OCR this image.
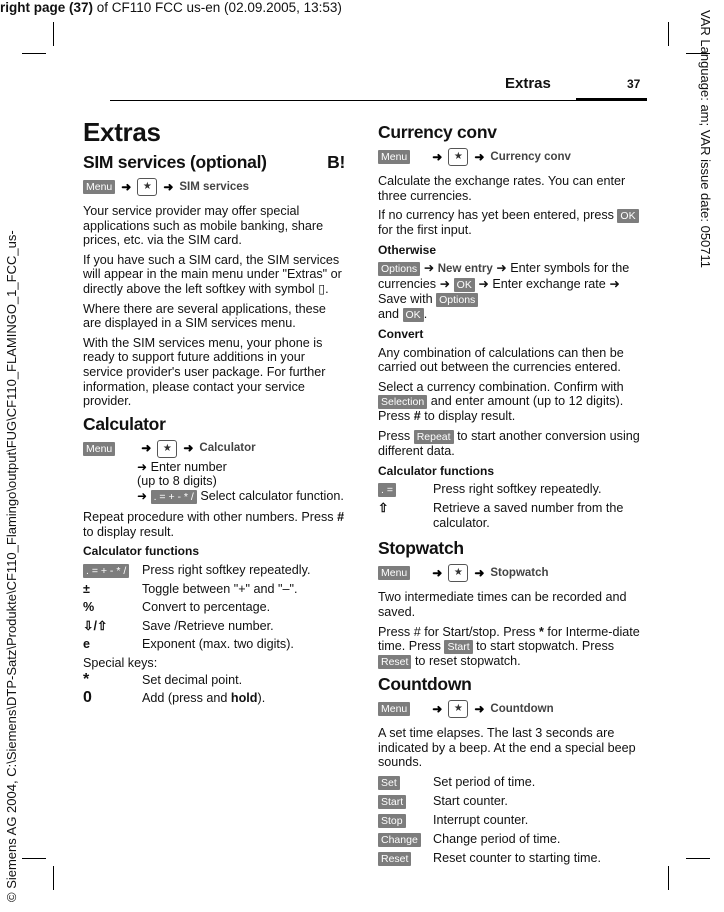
right page (37) of CF110 FCC us-en (02.09.2005, 13:53)
VAR Language: am; VAR issue date: 050711
© Siemens AG 2004, C:\Siemens\DTP-Satz\Produkte\CF110_Flamingo\output\FUG\CF110_FLAMINGO_1_FCC_us-
Extras	37
Extras
SIM services (optional)	B!
Menu ➜	★ ➜ SIM services

Your service provider may offer special applications such as mobile banking, share prices, etc. via the SIM card.

If you have such a SIM card, the SIM services will appear in the main menu under "Extras" or directly above the left softkey with symbol ▯.

Where there are several applications, these are displayed in a SIM services menu.

With the SIM services menu, your phone is ready to support future additions in your service provider's user package. For further information, please contact your service provider.

Calculator
Menu ➜	★ ➜ Calculator
➜ Enter number
(up to 8 digits)
➜ . = + - * / Select calculator function.

Repeat procedure with other numbers. Press # to display result.

Calculator functions
. = + - * /	Press right softkey repeatedly.
±	Toggle between "+" and "–".
%	Convert to percentage.
⇩/⇧	Save /Retrieve number.
e	Exponent (max. two digits).

Special keys:

*	Set decimal point.
0	Add (press and hold).
Currency conv
Menu ➜	★ ➜ Currency conv

Calculate the exchange rates. You can enter three currencies.

If no currency has yet been entered, press OK for the first input.

Otherwise

Options ➜ New entry ➜ Enter symbols for the currencies ➜ OK ➜ Enter exchange rate ➜ Save with Options
and OK .

Convert

Any combination of calculations can then be carried out between the currencies entered.

Select a currency combination. Confirm with Selection and enter amount (up to 12 digits). Press # to display result.

Press Repeat to start another conversion using different data.

Calculator functions
. =	Press right softkey repeatedly.
⇧	Retrieve a saved number from the calculator.
Stopwatch
Menu ➜	★ ➜ Stopwatch

Two intermediate times can be recorded and saved.

Press # for Start/stop. Press * for Interme-diate time. Press Start to start stopwatch. Press Reset to reset stopwatch.

Countdown
Menu ➜	★ ➜ Countdown

A set time elapses. The last 3 seconds are indicated by a beep. At the end a special beep sounds.

Set	Set period of time.
Start	Start counter.
Stop	Interrupt counter.
Change	Change period of time.
Reset	Reset counter to starting time.
